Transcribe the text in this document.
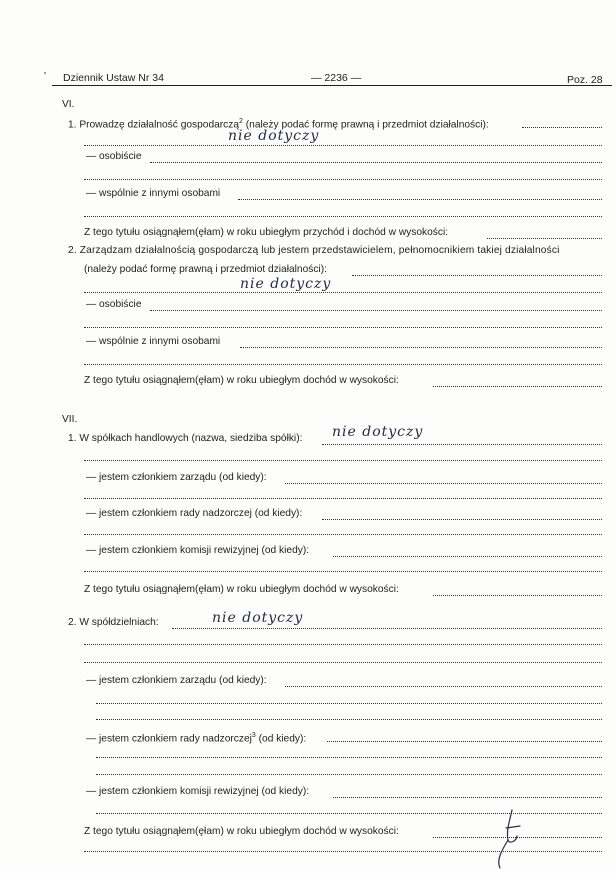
' Dziennik Ustaw Nr 34	— 2236 —	Poz. 28
VI.
1. Prowadzę działalność gospodarczą$^2$ (należy podać formę prawną i przedmiot działalności):
nie dotyczy
— osobiście
— wspólnie z innymi osobami
Z tego tytułu osiągnąłem(ęłam) w roku ubiegłym przychód i dochód w wysokości:
2. Zarządzam działalnością gospodarczą lub jestem przedstawicielem, pełnomocnikiem takiej działalności
(należy podać formę prawną i przedmiot działalności):
nie dotyczy
— osobiście
— wspólnie z innymi osobami
Z tego tytułu osiągnąłem(ęłam) w roku ubiegłym dochód w wysokości:
VII.
1. W spółkach handlowych (nazwa, siedziba spółki): nie dotyczy
— jestem członkiem zarządu (od kiedy):
— jestem członkiem rady nadzorczej (od kiedy):
— jestem członkiem komisji rewizyjnej (od kiedy):
Z tego tytułu osiągnąłem(ęłam) w roku ubiegłym dochód w wysokości:
2. W spółdzielniach:	nie dotyczy
— jestem członkiem zarządu (od kiedy):
— jestem członkiem rady nadzorczej$^3$ (od kiedy):
— jestem członkiem komisji rewizyjnej (od kiedy):
Z tego tytułu osiągnąłem(ęłam) w roku ubiegłym dochód w wysokości:
